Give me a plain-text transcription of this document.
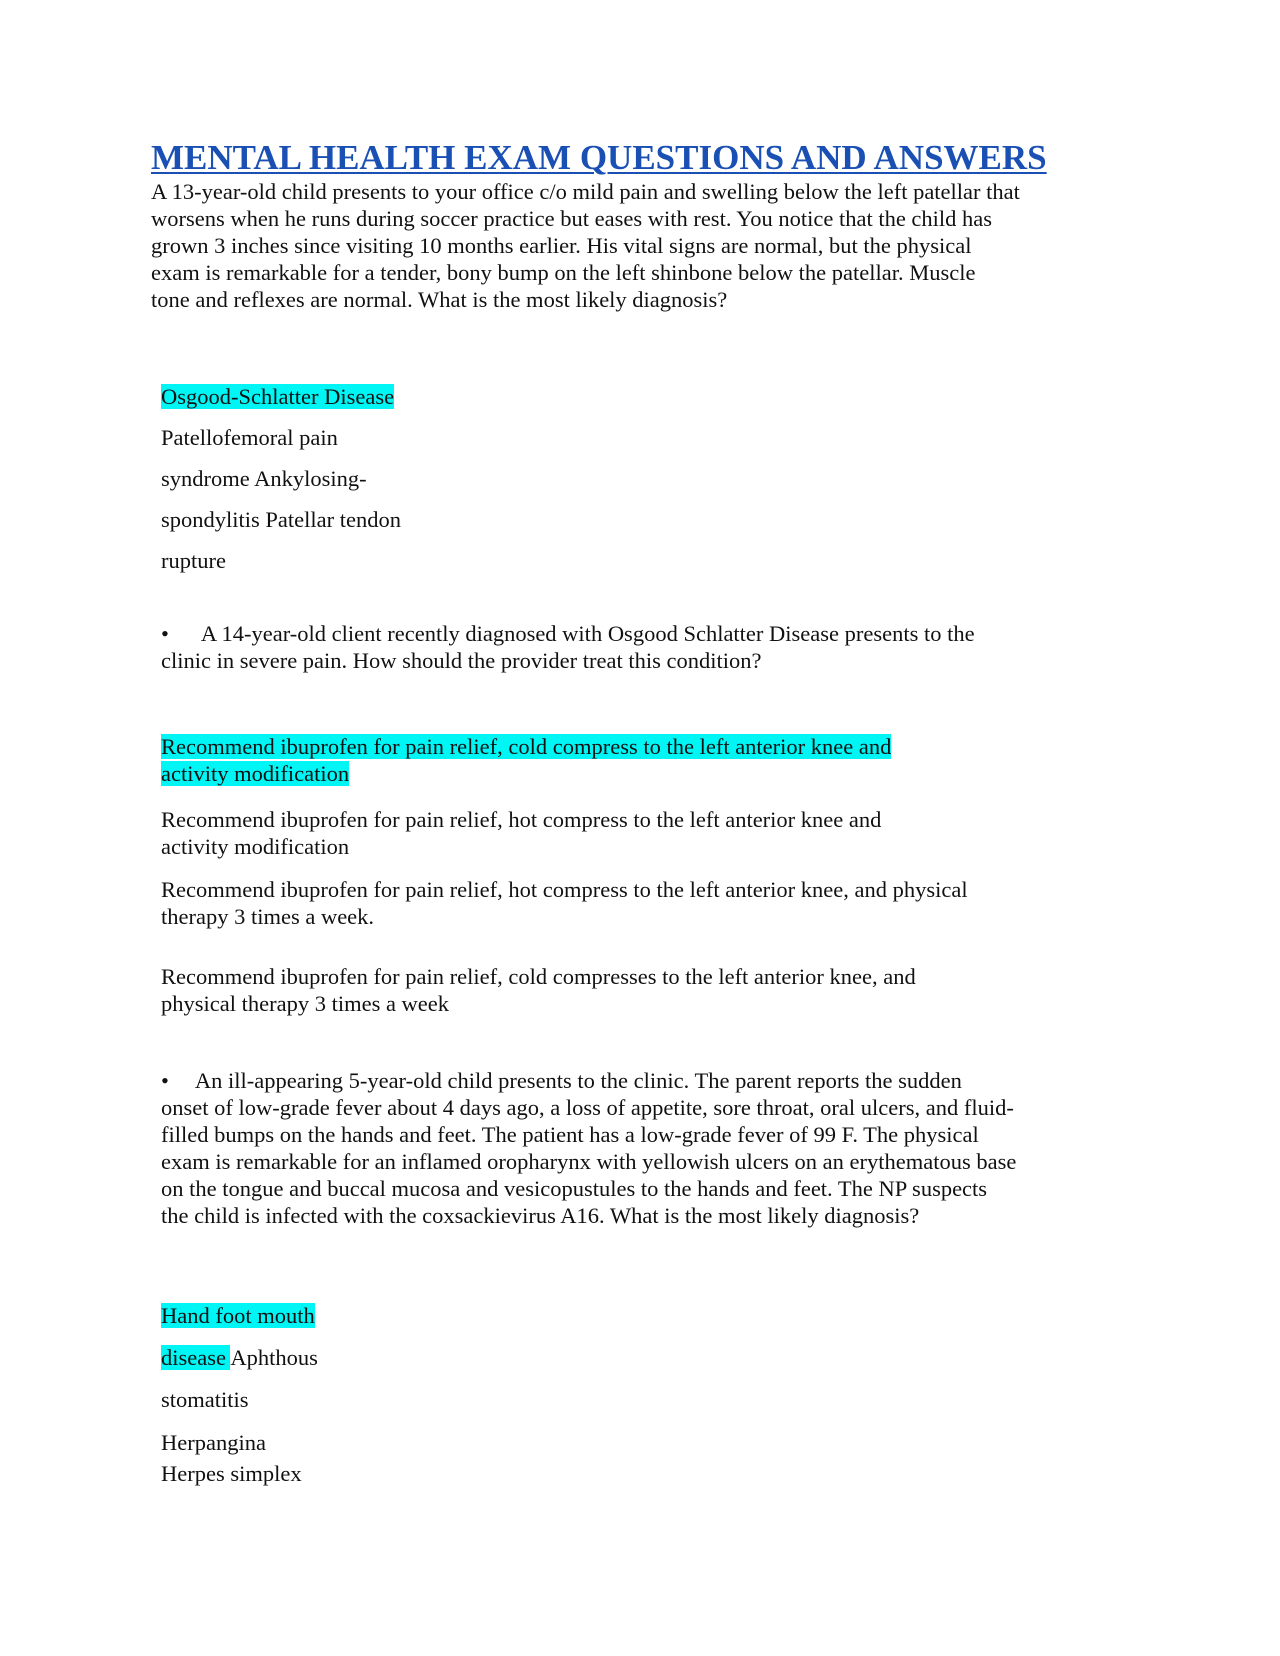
MENTAL HEALTH EXAM QUESTIONS AND ANSWERS
A 13-year-old child presents to your office c/o mild pain and swelling below the left patellar that
worsens when he runs during soccer practice but eases with rest. You notice that the child has
grown 3 inches since visiting 10 months earlier. His vital signs are normal, but the physical
exam is remarkable for a tender, bony bump on the left shinbone below the patellar. Muscle
tone and reflexes are normal. What is the most likely diagnosis?
Osgood-Schlatter Disease
Patellofemoral pain
syndrome Ankylosing-
spondylitis Patellar tendon
rupture
• A 14-year-old client recently diagnosed with Osgood Schlatter Disease presents to the
clinic in severe pain. How should the provider treat this condition?
Recommend ibuprofen for pain relief, cold compress to the left anterior knee and
activity modification
Recommend ibuprofen for pain relief, hot compress to the left anterior knee and
activity modification
Recommend ibuprofen for pain relief, hot compress to the left anterior knee, and physical
therapy 3 times a week.
Recommend ibuprofen for pain relief, cold compresses to the left anterior knee, and
physical therapy 3 times a week
• An ill-appearing 5-year-old child presents to the clinic. The parent reports the sudden
onset of low-grade fever about 4 days ago, a loss of appetite, sore throat, oral ulcers, and fluid-
filled bumps on the hands and feet. The patient has a low-grade fever of 99 F. The physical
exam is remarkable for an inflamed oropharynx with yellowish ulcers on an erythematous base
on the tongue and buccal mucosa and vesicopustules to the hands and feet. The NP suspects
the child is infected with the coxsackievirus A16. What is the most likely diagnosis?
Hand foot mouth
disease Aphthous
stomatitis
Herpangina
Herpes simplex
